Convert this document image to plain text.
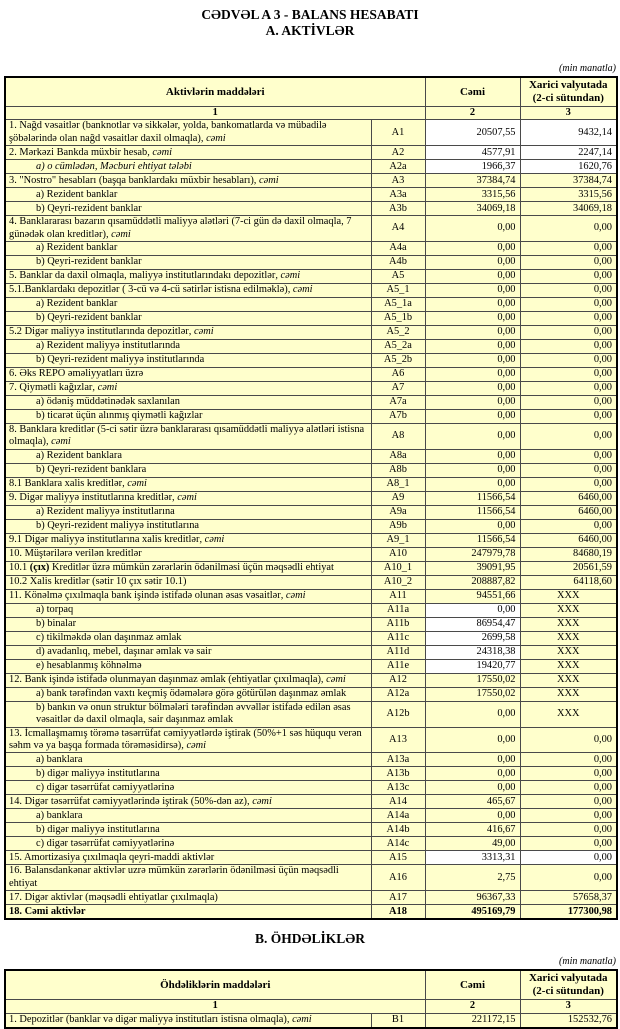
CƏDVƏL A 3 - BALANS HESABATI
A. AKTİVLƏR
(min manatla)
Aktivlərin maddələri		Cəmi	Xarici valyutada (2-ci sütundan)
1		2	3
1. Nağd vəsaitlər (banknotlar və sikkələr, yolda, bankomatlarda və mübadilə şöbələrində olan nağd vəsaitlər daxil olmaqla), cəmi	A1	20507,55	9432,14
2. Mərkəzi Bankda müxbir hesab, cəmi	A2	4577,91	2247,14
a) o cümlədən, Məcburi ehtiyat tələbi	A2a	1966,37	1620,76
3. "Nostro" hesabları (başqa banklardakı müxbir hesabları), cəmi	A3	37384,74	37384,74
a) Rezident banklar	A3a	3315,56	3315,56
b) Qeyri-rezident banklar	A3b	34069,18	34069,18
4. Banklararası bazarın qısamüddətli maliyyə alətləri (7-ci gün də daxil olmaqla, 7 günədək olan kreditlər), cəmi	A4	0,00	0,00
a) Rezident banklar	A4a	0,00	0,00
b) Qeyri-rezident banklar	A4b	0,00	0,00
5. Banklar da daxil olmaqla, maliyyə institutlarındakı depozitlər, cəmi	A5	0,00	0,00
5.1.Banklardakı depozitlər ( 3-cü və 4-cü sətirlər istisna edilməklə), cəmi	A5_1	0,00	0,00
a) Rezident banklar	A5_1a	0,00	0,00
b) Qeyri-rezident banklar	A5_1b	0,00	0,00
5.2 Digər maliyyə institutlarında depozitlər, cəmi	A5_2	0,00	0,00
a) Rezident maliyyə institutlarında	A5_2a	0,00	0,00
b) Qeyri-rezident maliyyə institutlarında	A5_2b	0,00	0,00
6. Əks REPO əməliyyatları üzrə	A6	0,00	0,00
7. Qiymətli kağızlar, cəmi	A7	0,00	0,00
a) ödəniş müddətinədək saxlanılan	A7a	0,00	0,00
b) ticarət üçün alınmış qiymətli kağızlar	A7b	0,00	0,00
8. Banklara kreditlər (5-ci sətir üzrə banklararası qısamüddətli maliyyə alətləri istisna olmaqla), cəmi	A8	0,00	0,00
a) Rezident banklara	A8a	0,00	0,00
b) Qeyri-rezident banklara	A8b	0,00	0,00
8.1 Banklara xalis kreditlər, cəmi	A8_1	0,00	0,00
9. Digər maliyyə institutlarına kreditlər, cəmi	A9	11566,54	6460,00
a) Rezident maliyyə institutlarına	A9a	11566,54	6460,00
b) Qeyri-rezident maliyyə institutlarına	A9b	0,00	0,00
9.1 Digər maliyyə institutlarına xalis kreditlər, cəmi	A9_1	11566,54	6460,00
10. Müştərilərə verilən kreditlər	A10	247979,78	84680,19
10.1 (çıx) Kreditlər üzrə mümkün zərərlərin ödənilməsi üçün məqsədli ehtiyat	A10_1	39091,95	20561,59
10.2 Xalis kreditlər (sətir 10 çıx sətir 10.1)	A10_2	208887,82	64118,60
11. Könəlmə çıxılmaqla bank işində istifadə olunan əsas vəsaitlər, cəmi	A11	94551,66	XXX
a) torpaq	A11a	0,00	XXX
b) binalar	A11b	86954,47	XXX
c) tikilməkdə olan daşınmaz əmlak	A11c	2699,58	XXX
d) avadanlıq, mebel, daşınar əmlak və sair	A11d	24318,38	XXX
e) hesablanmış köhnəlmə	A11e	19420,77	XXX
12. Bank işində istifadə olunmayan daşınmaz əmlak (ehtiyatlar çıxılmaqla), cəmi	A12	17550,02	XXX
a) bank tərəfindən vaxtı keçmiş ödəmələrə görə götürülən daşınmaz əmlak	A12a	17550,02	XXX
b) bankın və onun struktur bölmələri tərəfindən əvvəllər istifadə edilən əsas vəsaitlər də daxil olmaqla, sair daşınmaz əmlak	A12b	0,00	XXX
13. İcmallaşmamış törəmə təsərrüfat cəmiyyətlərdə iştirak (50%+1 səs hüququ verən səhm və ya başqa formada törəməsidirsə), cəmi	A13	0,00	0,00
a) banklara	A13a	0,00	0,00
b) digər maliyyə institutlarına	A13b	0,00	0,00
c) digər təsərrüfat cəmiyyətlərinə	A13c	0,00	0,00
14. Digər təsərrüfat cəmiyyətlərində iştirak (50%-dən az), cəmi	A14	465,67	0,00
a) banklara	A14a	0,00	0,00
b) digər maliyyə institutlarına	A14b	416,67	0,00
c) digər təsərrüfat cəmiyyətlərinə	A14c	49,00	0,00
15. Amortizasiya çıxılmaqla qeyri-maddi aktivlər	A15	3313,31	0,00
16. Balansdankənar aktivlər uzrə mümkün zərərlərin ödənilməsi üçün məqsədli ehtiyat	A16	2,75	0,00
17. Digər aktivlər (məqsədli ehtiyatlar çıxılmaqla)	A17	96367,33	57658,37
18. Cəmi aktivlər	A18	495169,79	177300,98
B. ÖHDƏLİKLƏR
(min manatla)
Öhdəliklərin maddələri		Cəmi	Xarici valyutada (2-ci sütundan)
1		2	3
1. Depozitlər (banklar və digər maliyyə institutları istisna olmaqla), cəmi	B1	221172,15	152532,76
